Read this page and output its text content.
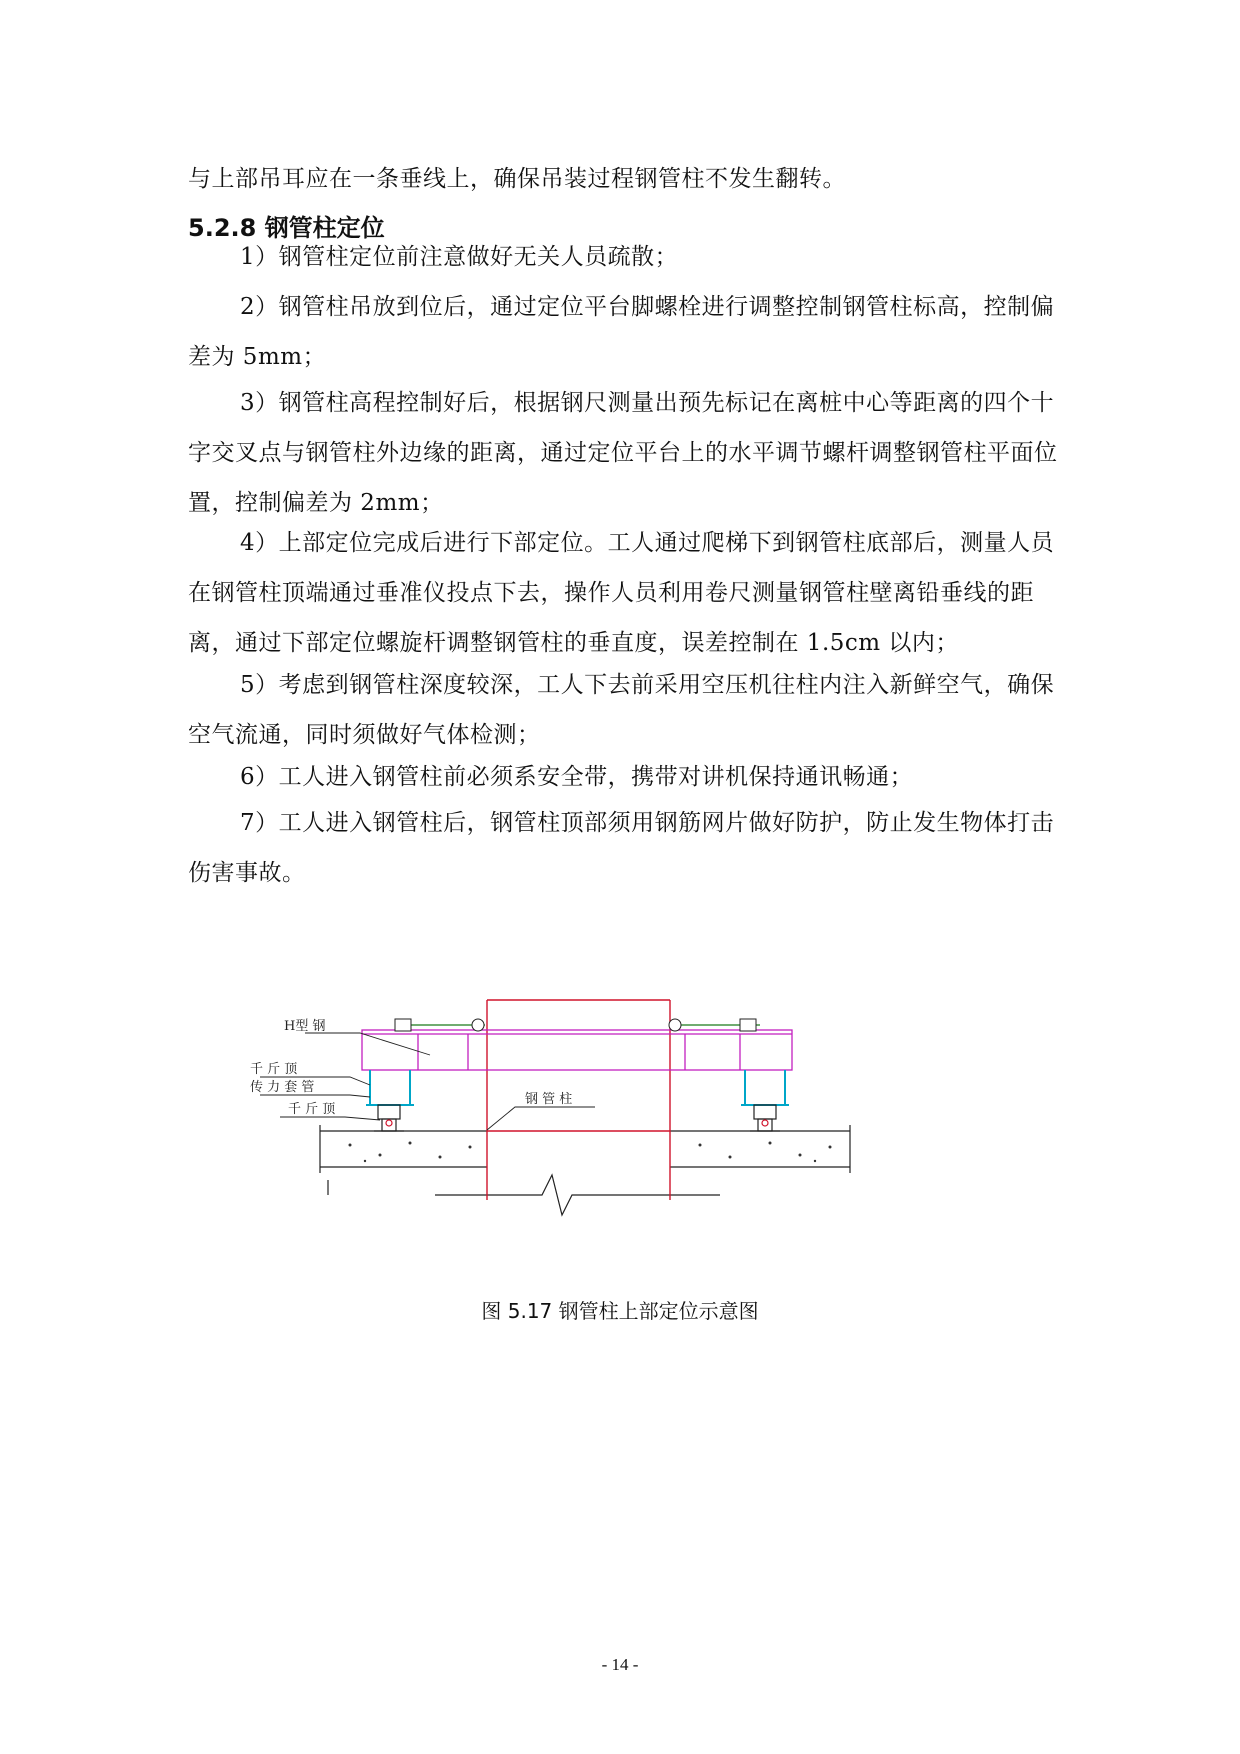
与上部吊耳应在一条垂线上，确保吊装过程钢管柱不发生翻转。

5.2.8 钢管柱定位

1）钢管柱定位前注意做好无关人员疏散；

2）钢管柱吊放到位后，通过定位平台脚螺栓进行调整控制钢管柱标高，控制偏差为 5mm；

3）钢管柱高程控制好后，根据钢尺测量出预先标记在离桩中心等距离的四个十字交叉点与钢管柱外边缘的距离，通过定位平台上的水平调节螺杆调整钢管柱平面位置，控制偏差为 2mm；

4）上部定位完成后进行下部定位。工人通过爬梯下到钢管柱底部后，测量人员在钢管柱顶端通过垂准仪投点下去，操作人员利用卷尺测量钢管柱壁离铅垂线的距离，通过下部定位螺旋杆调整钢管柱的垂直度，误差控制在 1.5cm 以内；

5）考虑到钢管柱深度较深，工人下去前采用空压机往柱内注入新鲜空气，确保空气流通，同时须做好气体检测；

6）工人进入钢管柱前必须系安全带，携带对讲机保持通讯畅通；

7）工人进入钢管柱后，钢管柱顶部须用钢筋网片做好防护，防止发生物体打击伤害事故。

H型 钢
千 斤 顶
传 力 套 管
千 斤 顶
钢 管 柱
图 5.17 钢管柱上部定位示意图
- 14 -
